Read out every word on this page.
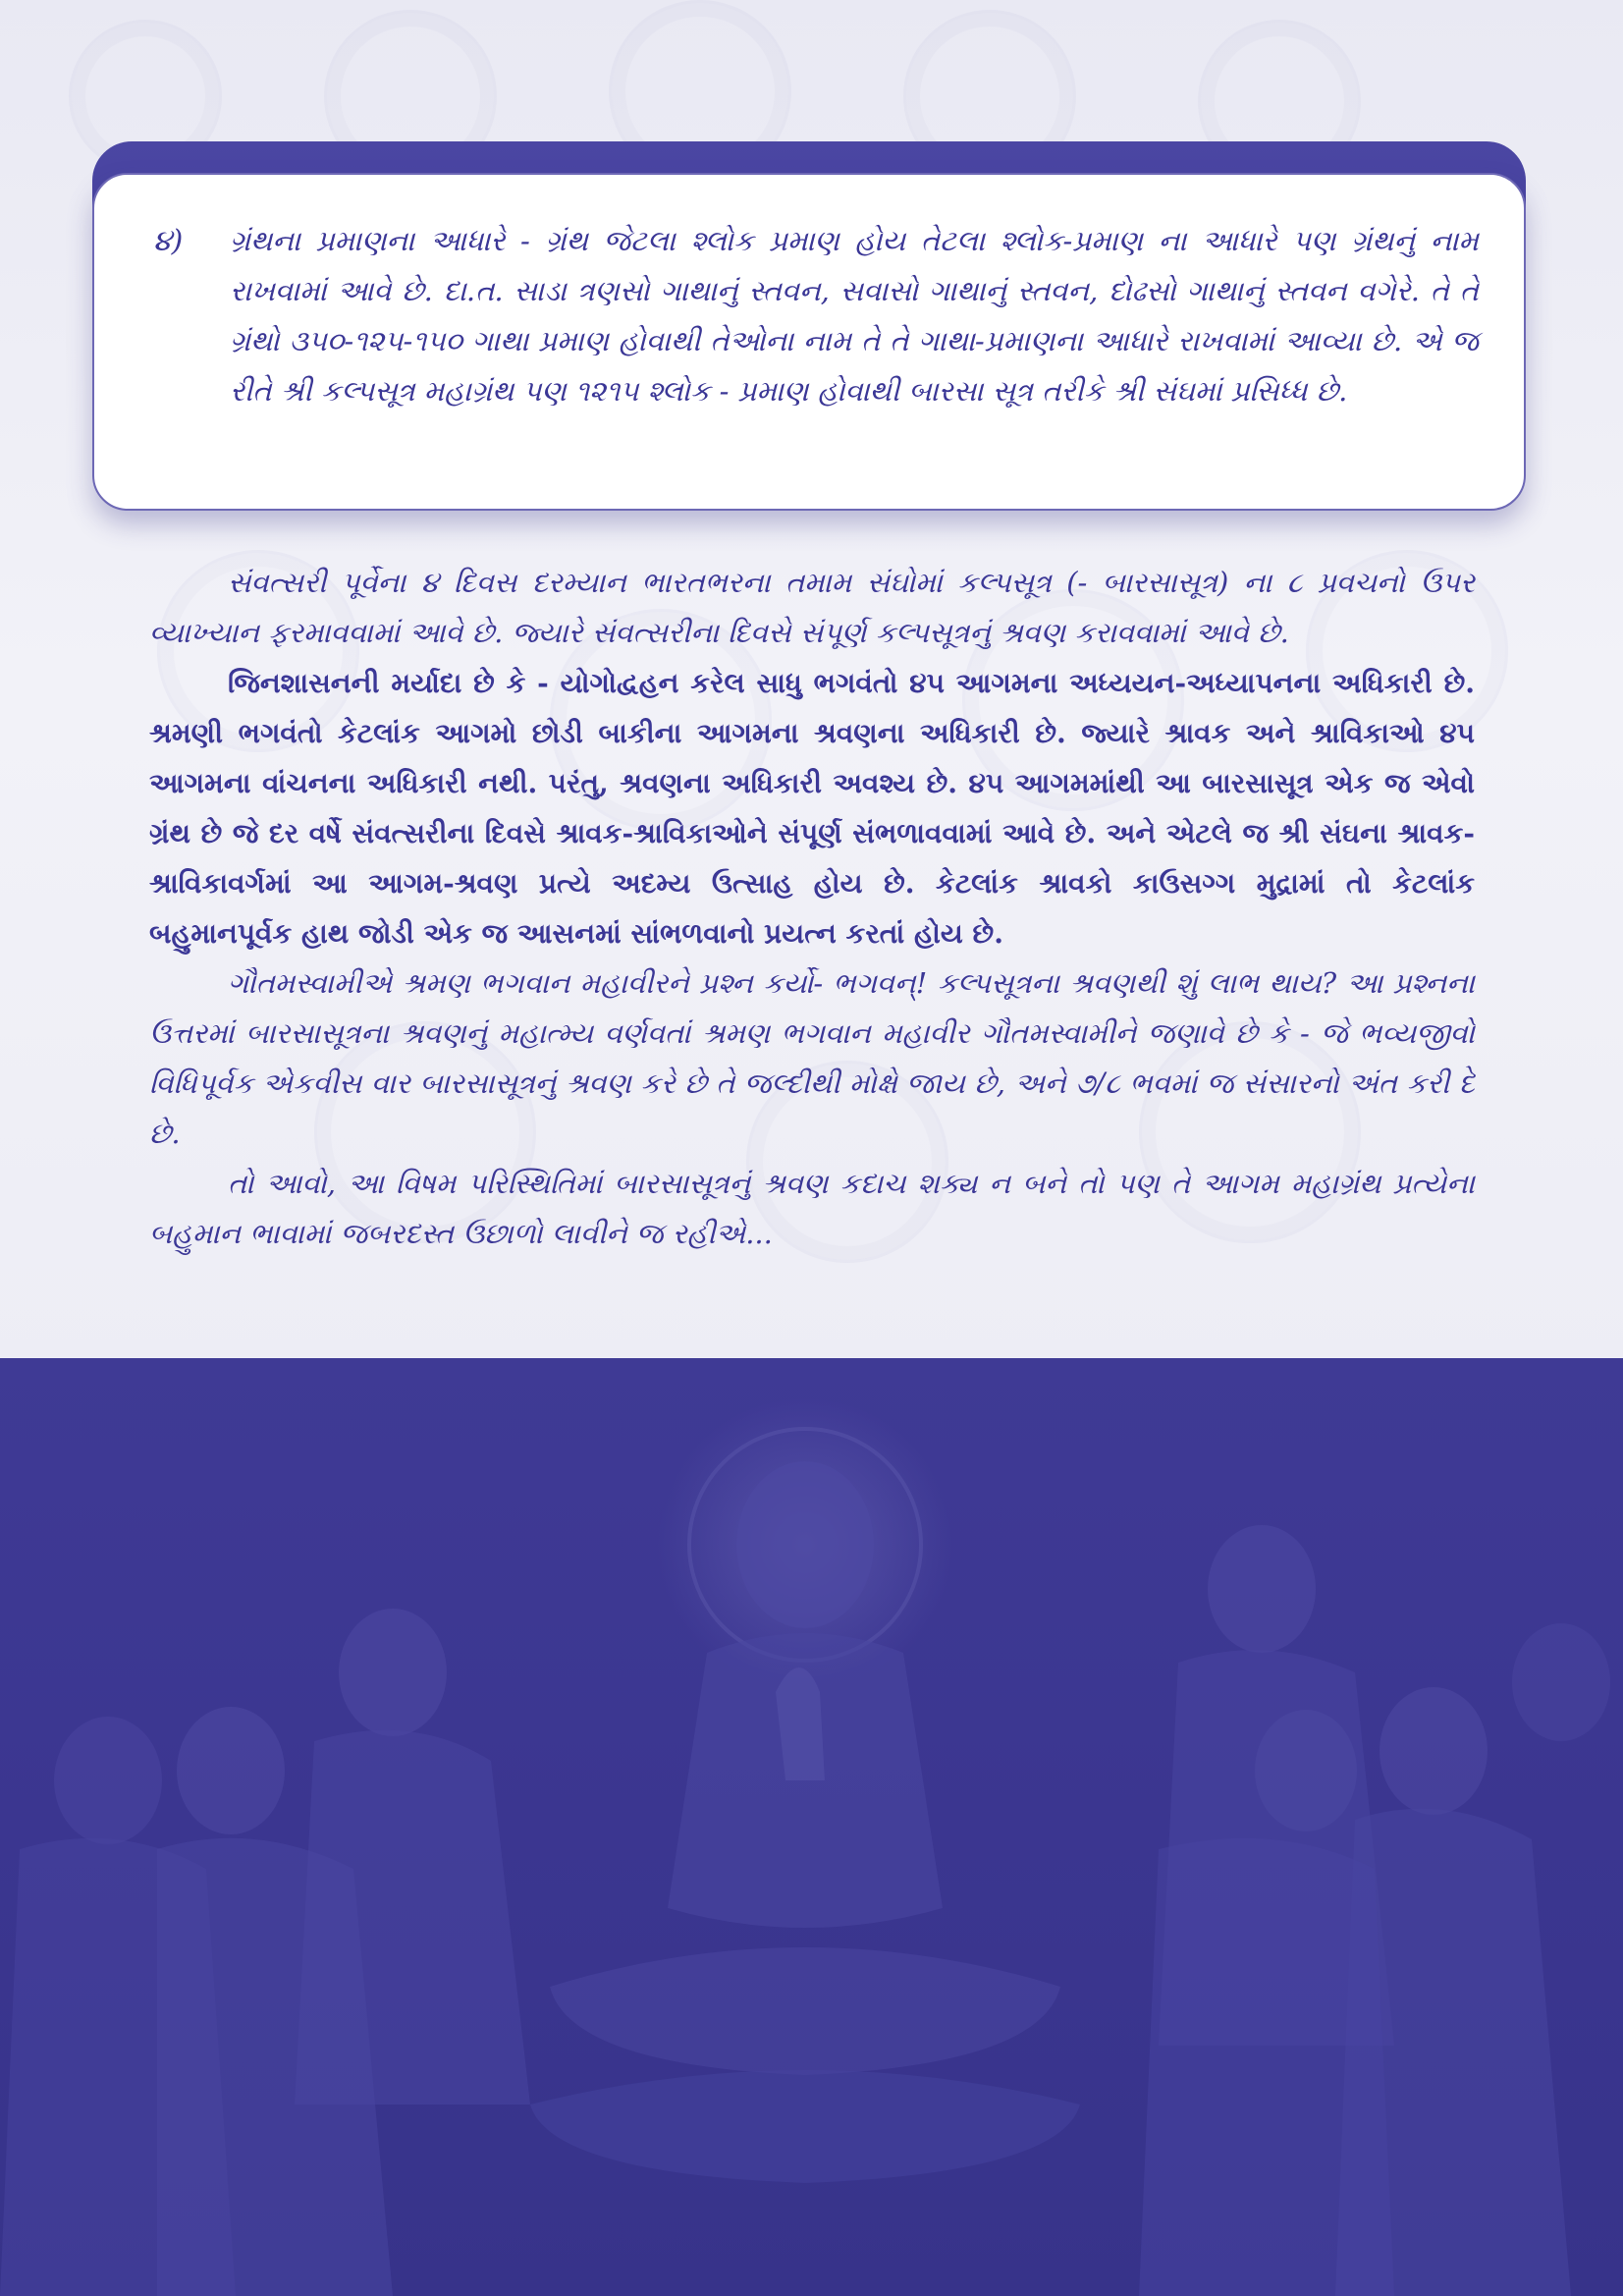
૪) ગ્રંથના પ્રમાણના આધારે - ગ્રંથ જેટલા શ્લોક પ્રમાણ હોય તેટલા શ્લોક-પ્રમાણ ના આધારે પણ ગ્રંથનું નામ રાખવામાં આવે છે. દા.ત. સાડા ત્રણસો ગાથાનું સ્તવન, સવાસો ગાથાનું સ્તવન, દોઢસો ગાથાનું સ્તવન વગેરે. તે તે ગ્રંથો ૩૫૦-૧૨૫-૧૫૦ ગાથા પ્રમાણ હોવાથી તેઓના નામ તે તે ગાથા-પ્રમાણના આધારે રાખવામાં આવ્યા છે. એ જ રીતે શ્રી કલ્પસૂત્ર મહાગ્રંથ પણ ૧૨૧૫ શ્લોક - પ્રમાણ હોવાથી બારસા સૂત્ર તરીકે શ્રી સંઘમાં પ્રસિધ્ધ છે.

સંવત્સરી પૂર્વેના ૪ દિવસ દરમ્યાન ભારતભરના તમામ સંઘોમાં કલ્પસૂત્ર (- બારસાસૂત્ર) ના ૮ પ્રવચનો ઉપર વ્યાખ્યાન ફરમાવવામાં આવે છે. જ્યારે સંવત્સરીના દિવસે સંપૂર્ણ કલ્પસૂત્રનું શ્રવણ કરાવવામાં આવે છે.

જિનશાસનની મર્યાદા છે કે - યોગોદ્વહન કરેલ સાધુ ભગવંતો ૪૫ આગમના અધ્યયન-અધ્યાપનના અધિકારી છે. શ્રમણી ભગવંતો કેટલાંક આગમો છોડી બાકીના આગમના શ્રવણના અધિકારી છે. જ્યારે શ્રાવક અને શ્રાવિકાઓ ૪૫ આગમના વાંચનના અધિકારી નથી. પરંતુ, શ્રવણના અધિકારી અવશ્ય છે. ૪૫ આગમમાંથી આ બારસાસૂત્ર એક જ એવો ગ્રંથ છે જે દર વર્ષે સંવત્સરીના દિવસે શ્રાવક-શ્રાવિકાઓને સંપૂર્ણ સંભળાવવામાં આવે છે. અને એટલે જ શ્રી સંઘના શ્રાવક-શ્રાવિકાવર્ગમાં આ આગમ-શ્રવણ પ્રત્યે અદમ્ય ઉત્સાહ હોય છે. કેટલાંક શ્રાવકો કાઉસગ્ગ મુદ્રામાં તો કેટલાંક બહુમાનપૂર્વક હાથ જોડી એક જ આસનમાં સાંભળવાનો પ્રયત્ન કરતાં હોય છે.

ગૌતમસ્વામીએ શ્રમણ ભગવાન મહાવીરને પ્રશ્ન કર્યો- ભગવન્! કલ્પસૂત્રના શ્રવણથી શું લાભ થાય? આ પ્રશ્નના ઉત્તરમાં બારસાસૂત્રના શ્રવણનું મહાત્મ્ય વર્ણવતાં શ્રમણ ભગવાન મહાવીર ગૌતમસ્વામીને જણાવે છે કે - જે ભવ્યજીવો વિધિપૂર્વક એકવીસ વાર બારસાસૂત્રનું શ્રવણ કરે છે તે જલ્દીથી મોક્ષે જાય છે, અને ૭/૮ ભવમાં જ સંસારનો અંત કરી દે છે.

તો આવો, આ વિષમ પરિસ્થિતિમાં બારસાસૂત્રનું શ્રવણ કદાચ શક્ય ન બને તો પણ તે આગમ મહાગ્રંથ પ્રત્યેના બહુમાન ભાવામાં જબરદસ્ત ઉછાળો લાવીને જ રહીએ...
